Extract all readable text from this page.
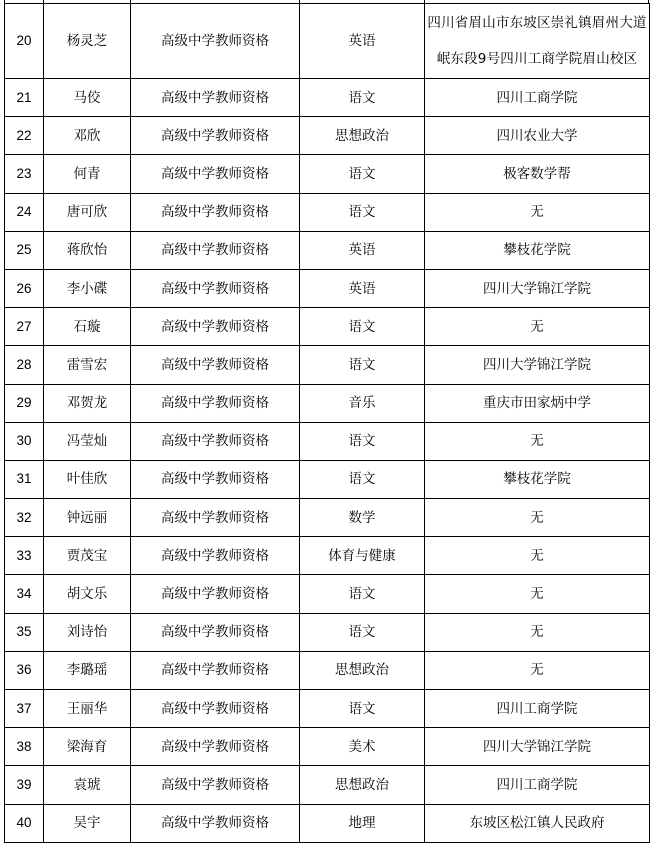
20	杨灵芝	高级中学教师资格	英语	四川省眉山市东坡区崇礼镇眉州大道
岷东段9号四川工商学院眉山校区
21	马佼	高级中学教师资格	语文	四川工商学院
22	邓欣	高级中学教师资格	思想政治	四川农业大学
23	何青	高级中学教师资格	语文	极客数学帮
24	唐可欣	高级中学教师资格	语文	无
25	蒋欣怡	高级中学教师资格	英语	攀枝花学院
26	李小碟	高级中学教师资格	英语	四川大学锦江学院
27	石璇	高级中学教师资格	语文	无
28	雷雪宏	高级中学教师资格	语文	四川大学锦江学院
29	邓贺龙	高级中学教师资格	音乐	重庆市田家炳中学
30	冯莹灿	高级中学教师资格	语文	无
31	叶佳欣	高级中学教师资格	语文	攀枝花学院
32	钟远丽	高级中学教师资格	数学	无
33	贾茂宝	高级中学教师资格	体育与健康	无
34	胡文乐	高级中学教师资格	语文	无
35	刘诗怡	高级中学教师资格	语文	无
36	李璐瑶	高级中学教师资格	思想政治	无
37	王丽华	高级中学教师资格	语文	四川工商学院
38	梁海育	高级中学教师资格	美术	四川大学锦江学院
39	袁琥	高级中学教师资格	思想政治	四川工商学院
40	吴宇	高级中学教师资格	地理	东坡区松江镇人民政府
